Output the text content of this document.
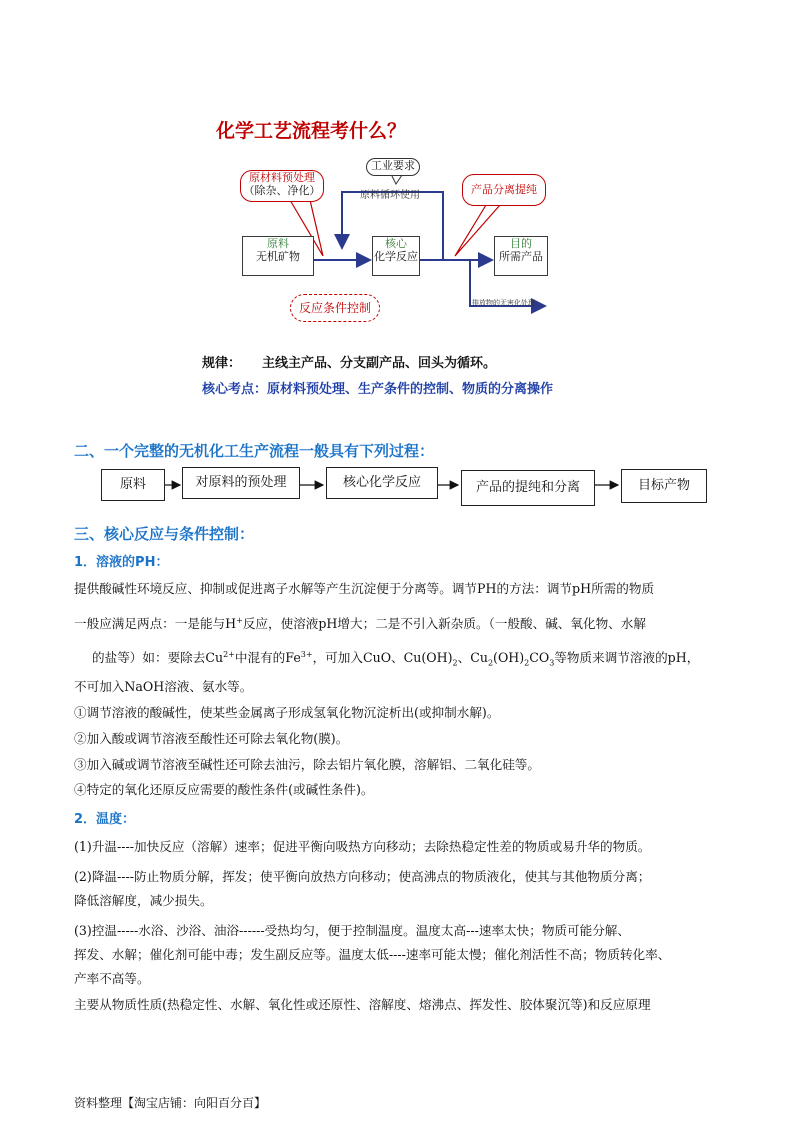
化学工艺流程考什么？
原料
无机矿物
原材料预处理
（除杂、净化）
工业要求
原料循环使用
核心
化学反应
产品分离提纯
目的
所需产品
排放物的无害化处理
反应条件控制
规律： 主线主产品、分支副产品、回头为循环。
核心考点：原材料预处理、生产条件的控制、物质的分离操作
二、一个完整的无机化工生产流程一般具有下列过程：
原料	对原料的预处理	核心化学反应	产品的提纯和分离	目标产物
三、核心反应与条件控制：
1．溶液的PH：
提供酸碱性环境反应、抑制或促进离子水解等产生沉淀便于分离等。调节PH的方法：调节pH所需的物质
一般应满足两点：一是能与H+反应，使溶液pH增大；二是不引入新杂质。（一般酸、碱、氧化物、水解
的盐等）如：要除去$Cu^{2+}$中混有的$Fe^{3+}$，可加入CuO、$Cu(OH)_2$、$Cu_2(OH)_2CO_3$等物质来调节溶液的pH，
不可加入NaOH溶液、氨水等。
①调节溶液的酸碱性，使某些金属离子形成氢氧化物沉淀析出(或抑制水解)。
②加入酸或调节溶液至酸性还可除去氧化物(膜)。
③加入碱或调节溶液至碱性还可除去油污，除去铝片氧化膜，溶解铝、二氧化硅等。
④特定的氧化还原反应需要的酸性条件(或碱性条件)。
2．温度：
(1)升温----加快反应（溶解）速率；促进平衡向吸热方向移动；去除热稳定性差的物质或易升华的物质。
(2)降温----防止物质分解，挥发；使平衡向放热方向移动；使高沸点的物质液化，使其与其他物质分离；
降低溶解度，减少损失。
(3)控温-----水浴、沙浴、油浴------受热均匀，便于控制温度。温度太高---速率太快；物质可能分解、
挥发、水解；催化剂可能中毒；发生副反应等。温度太低----速率可能太慢；催化剂活性不高；物质转化率、
产率不高等。
主要从物质性质(热稳定性、水解、氧化性或还原性、溶解度、熔沸点、挥发性、胶体聚沉等)和反应原理
资料整理【淘宝店铺：向阳百分百】
